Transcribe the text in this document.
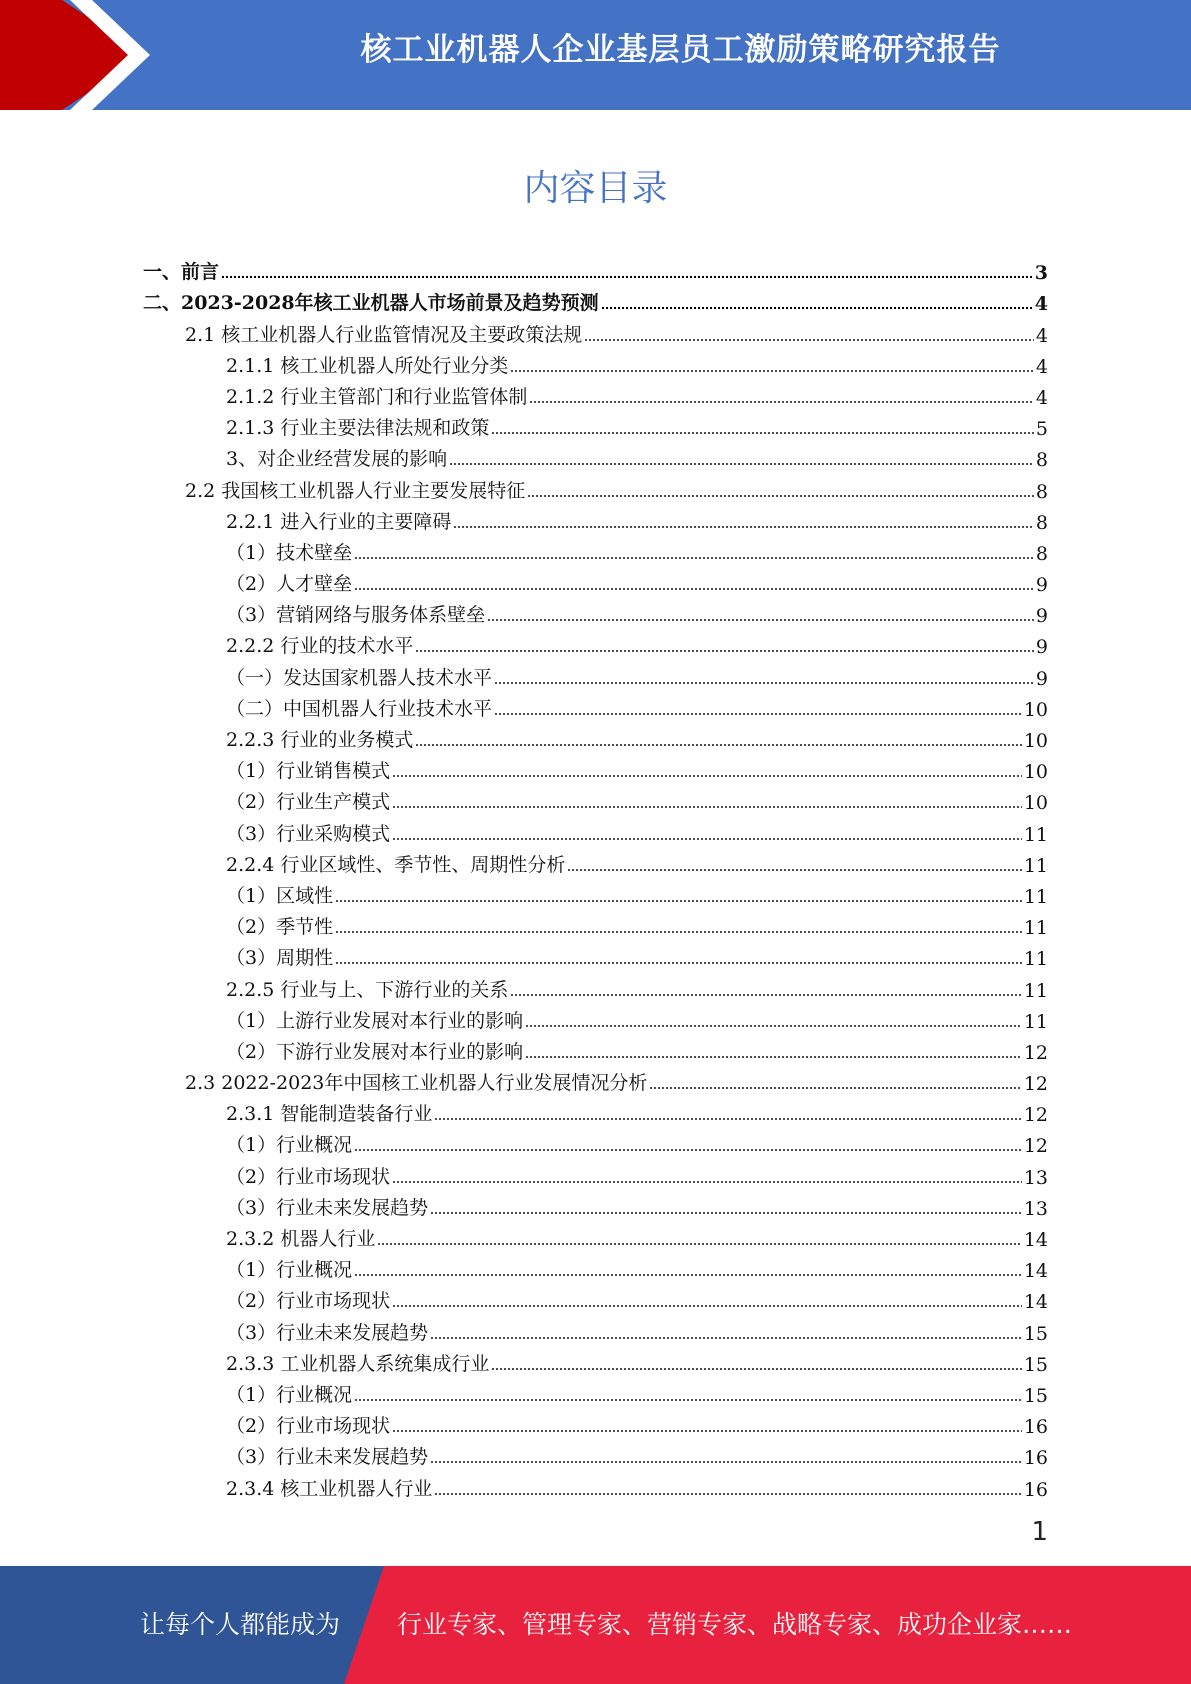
核工业机器人企业基层员工激励策略研究报告
内容目录
一、前言	3
二、2023-2028年核工业机器人市场前景及趋势预测	4
2.1 核工业机器人行业监管情况及主要政策法规	4
2.1.1 核工业机器人所处行业分类	4
2.1.2 行业主管部门和行业监管体制	4
2.1.3 行业主要法律法规和政策	5
3、对企业经营发展的影响	8
2.2 我国核工业机器人行业主要发展特征	8
2.2.1 进入行业的主要障碍	8
（1）技术壁垒	8
（2）人才壁垒	9
（3）营销网络与服务体系壁垒	9
2.2.2 行业的技术水平	9
（一）发达国家机器人技术水平	9
（二）中国机器人行业技术水平	10
2.2.3 行业的业务模式	10
（1）行业销售模式	10
（2）行业生产模式	10
（3）行业采购模式	11
2.2.4 行业区域性、季节性、周期性分析	11
（1）区域性	11
（2）季节性	11
（3）周期性	11
2.2.5 行业与上、下游行业的关系	11
（1）上游行业发展对本行业的影响	11
（2）下游行业发展对本行业的影响	12
2.3 2022-2023年中国核工业机器人行业发展情况分析	12
2.3.1 智能制造装备行业	12
（1）行业概况	12
（2）行业市场现状	13
（3）行业未来发展趋势	13
2.3.2 机器人行业	14
（1）行业概况	14
（2）行业市场现状	14
（3）行业未来发展趋势	15
2.3.3 工业机器人系统集成行业	15
（1）行业概况	15
（2）行业市场现状	16
（3）行业未来发展趋势	16
2.3.4 核工业机器人行业	16
1
让每个人都能成为 行业专家、管理专家、营销专家、战略专家、成功企业家……
